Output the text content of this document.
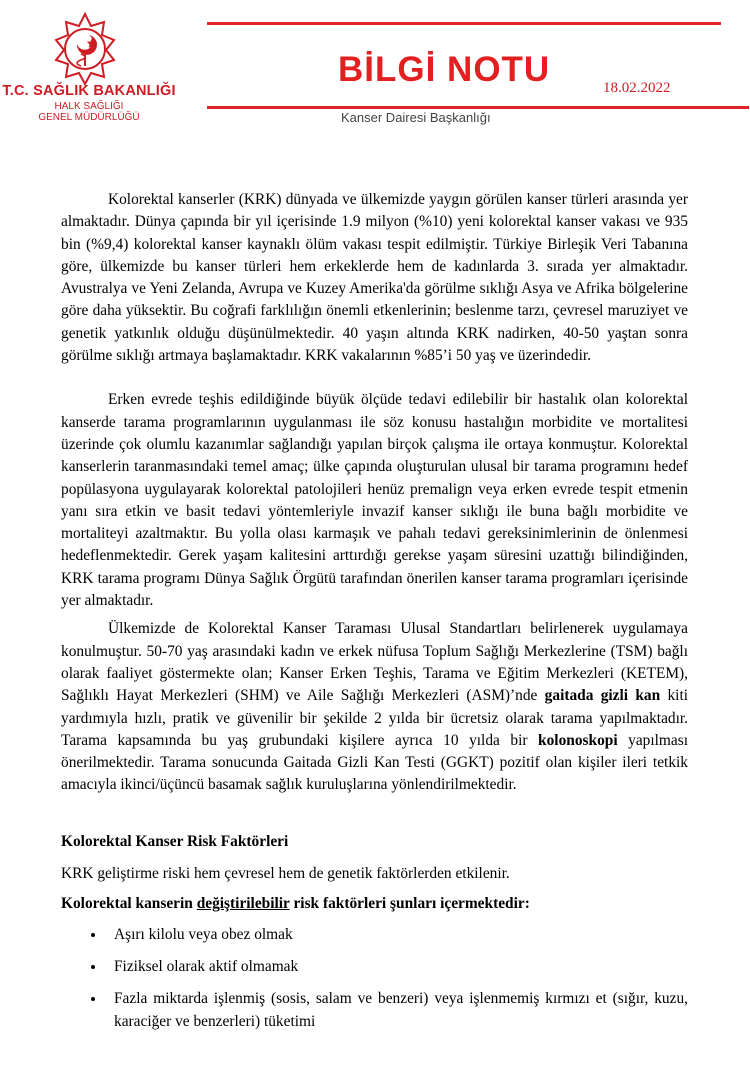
T.C. SAĞLIK BAKANLIĞI
HALK SAĞLIĞI
GENEL MÜDÜRLÜĞÜ
BİLGİ NOTU	18.02.2022
Kanser Dairesi Başkanlığı

Kolorektal kanserler (KRK) dünyada ve ülkemizde yaygın görülen kanser türleri arasında yer almaktadır. Dünya çapında bir yıl içerisinde 1.9 milyon (%10) yeni kolorektal kanser vakası ve 935 bin (%9,4) kolorektal kanser kaynaklı ölüm vakası tespit edilmiştir. Türkiye Birleşik Veri Tabanına göre, ülkemizde bu kanser türleri hem erkeklerde hem de kadınlarda 3. sırada yer almaktadır. Avustralya ve Yeni Zelanda, Avrupa ve Kuzey Amerika'da görülme sıklığı Asya ve Afrika bölgelerine göre daha yüksektir. Bu coğrafi farklılığın önemli etkenlerinin; beslenme tarzı, çevresel maruziyet ve genetik yatkınlık olduğu düşünülmektedir. 40 yaşın altında KRK nadirken, 40-50 yaştan sonra görülme sıklığı artmaya başlamaktadır. KRK vakalarının %85’i 50 yaş ve üzerindedir.

Erken evrede teşhis edildiğinde büyük ölçüde tedavi edilebilir bir hastalık olan kolorektal kanserde tarama programlarının uygulanması ile söz konusu hastalığın morbidite ve mortalitesi üzerinde çok olumlu kazanımlar sağlandığı yapılan birçok çalışma ile ortaya konmuştur. Kolorektal kanserlerin taranmasındaki temel amaç; ülke çapında oluşturulan ulusal bir tarama programını hedef popülasyona uygulayarak kolorektal patolojileri henüz premalign veya erken evrede tespit etmenin yanı sıra etkin ve basit tedavi yöntemleriyle invazif kanser sıklığı ile buna bağlı morbidite ve mortaliteyi azaltmaktır. Bu yolla olası karmaşık ve pahalı tedavi gereksinimlerinin de önlenmesi hedeflenmektedir. Gerek yaşam kalitesini arttırdığı gerekse yaşam süresini uzattığı bilindiğinden, KRK tarama programı Dünya Sağlık Örgütü tarafından önerilen kanser tarama programları içerisinde yer almaktadır.

Ülkemizde de Kolorektal Kanser Taraması Ulusal Standartları belirlenerek uygulamaya konulmuştur. 50-70 yaş arasındaki kadın ve erkek nüfusa Toplum Sağlığı Merkezlerine (TSM) bağlı olarak faaliyet göstermekte olan; Kanser Erken Teşhis, Tarama ve Eğitim Merkezleri (KETEM), Sağlıklı Hayat Merkezleri (SHM) ve Aile Sağlığı Merkezleri (ASM)’nde gaitada gizli kan kiti yardımıyla hızlı, pratik ve güvenilir bir şekilde 2 yılda bir ücretsiz olarak tarama yapılmaktadır. Tarama kapsamında bu yaş grubundaki kişilere ayrıca 10 yılda bir kolonoskopi yapılması önerilmektedir. Tarama sonucunda Gaitada Gizli Kan Testi (GGKT) pozitif olan kişiler ileri tetkik amacıyla ikinci/üçüncü basamak sağlık kuruluşlarına yönlendirilmektedir.

Kolorektal Kanser Risk Faktörleri

KRK geliştirme riski hem çevresel hem de genetik faktörlerden etkilenir.

Kolorektal kanserin değiştirilebilir risk faktörleri şunları içermektedir:

• Aşırı kilolu veya obez olmak
• Fiziksel olarak aktif olmamak
• Fazla miktarda işlenmiş (sosis, salam ve benzeri) veya işlenmemiş kırmızı et (sığır, kuzu, karaciğer ve benzerleri) tüketimi
